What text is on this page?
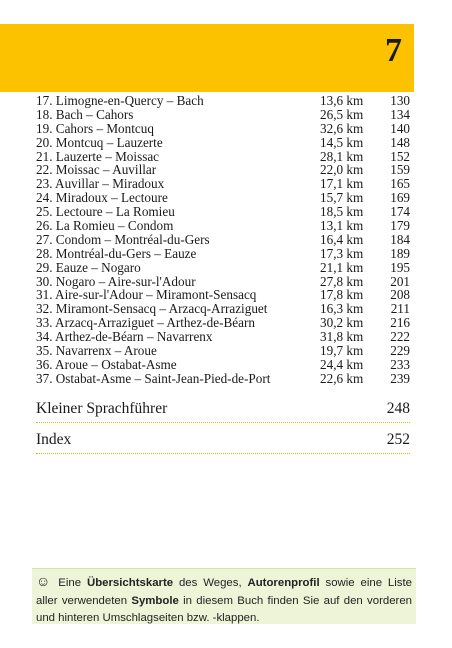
7
17. Limogne-en-Quercy – Bach	13,6 km	130
18. Bach – Cahors	26,5 km	134
19. Cahors – Montcuq	32,6 km	140
20. Montcuq – Lauzerte	14,5 km	148
21. Lauzerte – Moissac	28,1 km	152
22. Moissac – Auvillar	22,0 km	159
23. Auvillar – Miradoux	17,1 km	165
24. Miradoux – Lectoure	15,7 km	169
25. Lectoure – La Romieu	18,5 km	174
26. La Romieu – Condom	13,1 km	179
27. Condom – Montréal-du-Gers	16,4 km	184
28. Montréal-du-Gers – Eauze	17,3 km	189
29. Eauze – Nogaro	21,1 km	195
30. Nogaro – Aire-sur-l'Adour	27,8 km	201
31. Aire-sur-l'Adour – Miramont-Sensacq	17,8 km	208
32. Miramont-Sensacq – Arzacq-Arraziguet	16,3 km	211
33. Arzacq-Arraziguet – Arthez-de-Béarn	30,2 km	216
34. Arthez-de-Béarn – Navarrenx	31,8 km	222
35. Navarrenx – Aroue	19,7 km	229
36. Aroue – Ostabat-Asme	24,4 km	233
37. Ostabat-Asme – Saint-Jean-Pied-de-Port	22,6 km	239
Kleiner Sprachführer	248
Index	252
☺ Eine Übersichtskarte des Weges, Autorenprofil sowie eine Liste aller verwendeten Symbole in diesem Buch finden Sie auf den vorderen und hinteren Umschlagseiten bzw. -klappen.
